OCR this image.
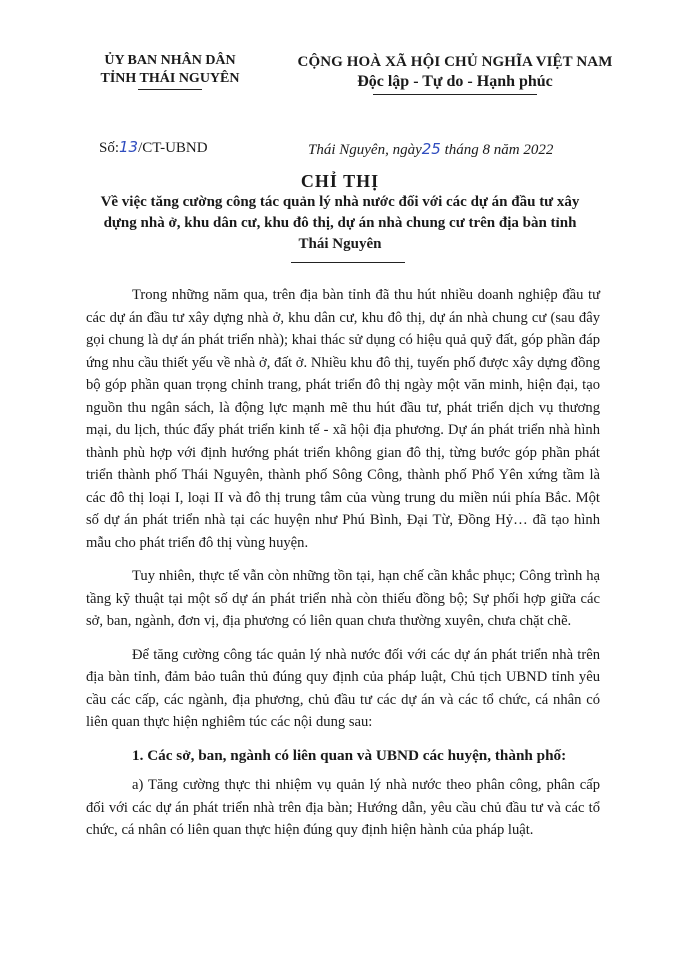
ỦY BAN NHÂN DÂN
TỈNH THÁI NGUYÊN
CỘNG HOÀ XÃ HỘI CHỦ NGHĨA VIỆT NAM
Độc lập - Tự do - Hạnh phúc
Số:13/CT-UBND	Thái Nguyên, ngày25 tháng 8 năm 2022
CHỈ THỊ
Về việc tăng cường công tác quản lý nhà nước đối với các dự án đầu tư xây dựng nhà ở, khu dân cư, khu đô thị, dự án nhà chung cư trên địa bàn tỉnh Thái Nguyên

Trong những năm qua, trên địa bàn tỉnh đã thu hút nhiều doanh nghiệp đầu tư các dự án đầu tư xây dựng nhà ở, khu dân cư, khu đô thị, dự án nhà chung cư (sau đây gọi chung là dự án phát triển nhà); khai thác sử dụng có hiệu quả quỹ đất, góp phần đáp ứng nhu cầu thiết yếu về nhà ở, đất ở. Nhiều khu đô thị, tuyến phố được xây dựng đồng bộ góp phần quan trọng chỉnh trang, phát triển đô thị ngày một văn minh, hiện đại, tạo nguồn thu ngân sách, là động lực mạnh mẽ thu hút đầu tư, phát triển dịch vụ thương mại, du lịch, thúc đẩy phát triển kinh tế - xã hội địa phương. Dự án phát triển nhà hình thành phù hợp với định hướng phát triển không gian đô thị, từng bước góp phần phát triển thành phố Thái Nguyên, thành phố Sông Công, thành phố Phổ Yên xứng tầm là các đô thị loại I, loại II và đô thị trung tâm của vùng trung du miền núi phía Bắc. Một số dự án phát triển nhà tại các huyện như Phú Bình, Đại Từ, Đồng Hỷ… đã tạo hình mẫu cho phát triển đô thị vùng huyện.

Tuy nhiên, thực tế vẫn còn những tồn tại, hạn chế cần khắc phục; Công trình hạ tầng kỹ thuật tại một số dự án phát triển nhà còn thiếu đồng bộ; Sự phối hợp giữa các sở, ban, ngành, đơn vị, địa phương có liên quan chưa thường xuyên, chưa chặt chẽ.

Để tăng cường công tác quản lý nhà nước đối với các dự án phát triển nhà trên địa bàn tỉnh, đảm bảo tuân thủ đúng quy định của pháp luật, Chủ tịch UBND tỉnh yêu cầu các cấp, các ngành, địa phương, chủ đầu tư các dự án và các tổ chức, cá nhân có liên quan thực hiện nghiêm túc các nội dung sau:

1. Các sở, ban, ngành có liên quan và UBND các huyện, thành phố:

a) Tăng cường thực thi nhiệm vụ quản lý nhà nước theo phân công, phân cấp đối với các dự án phát triển nhà trên địa bàn; Hướng dẫn, yêu cầu chủ đầu tư và các tổ chức, cá nhân có liên quan thực hiện đúng quy định hiện hành của pháp luật.
